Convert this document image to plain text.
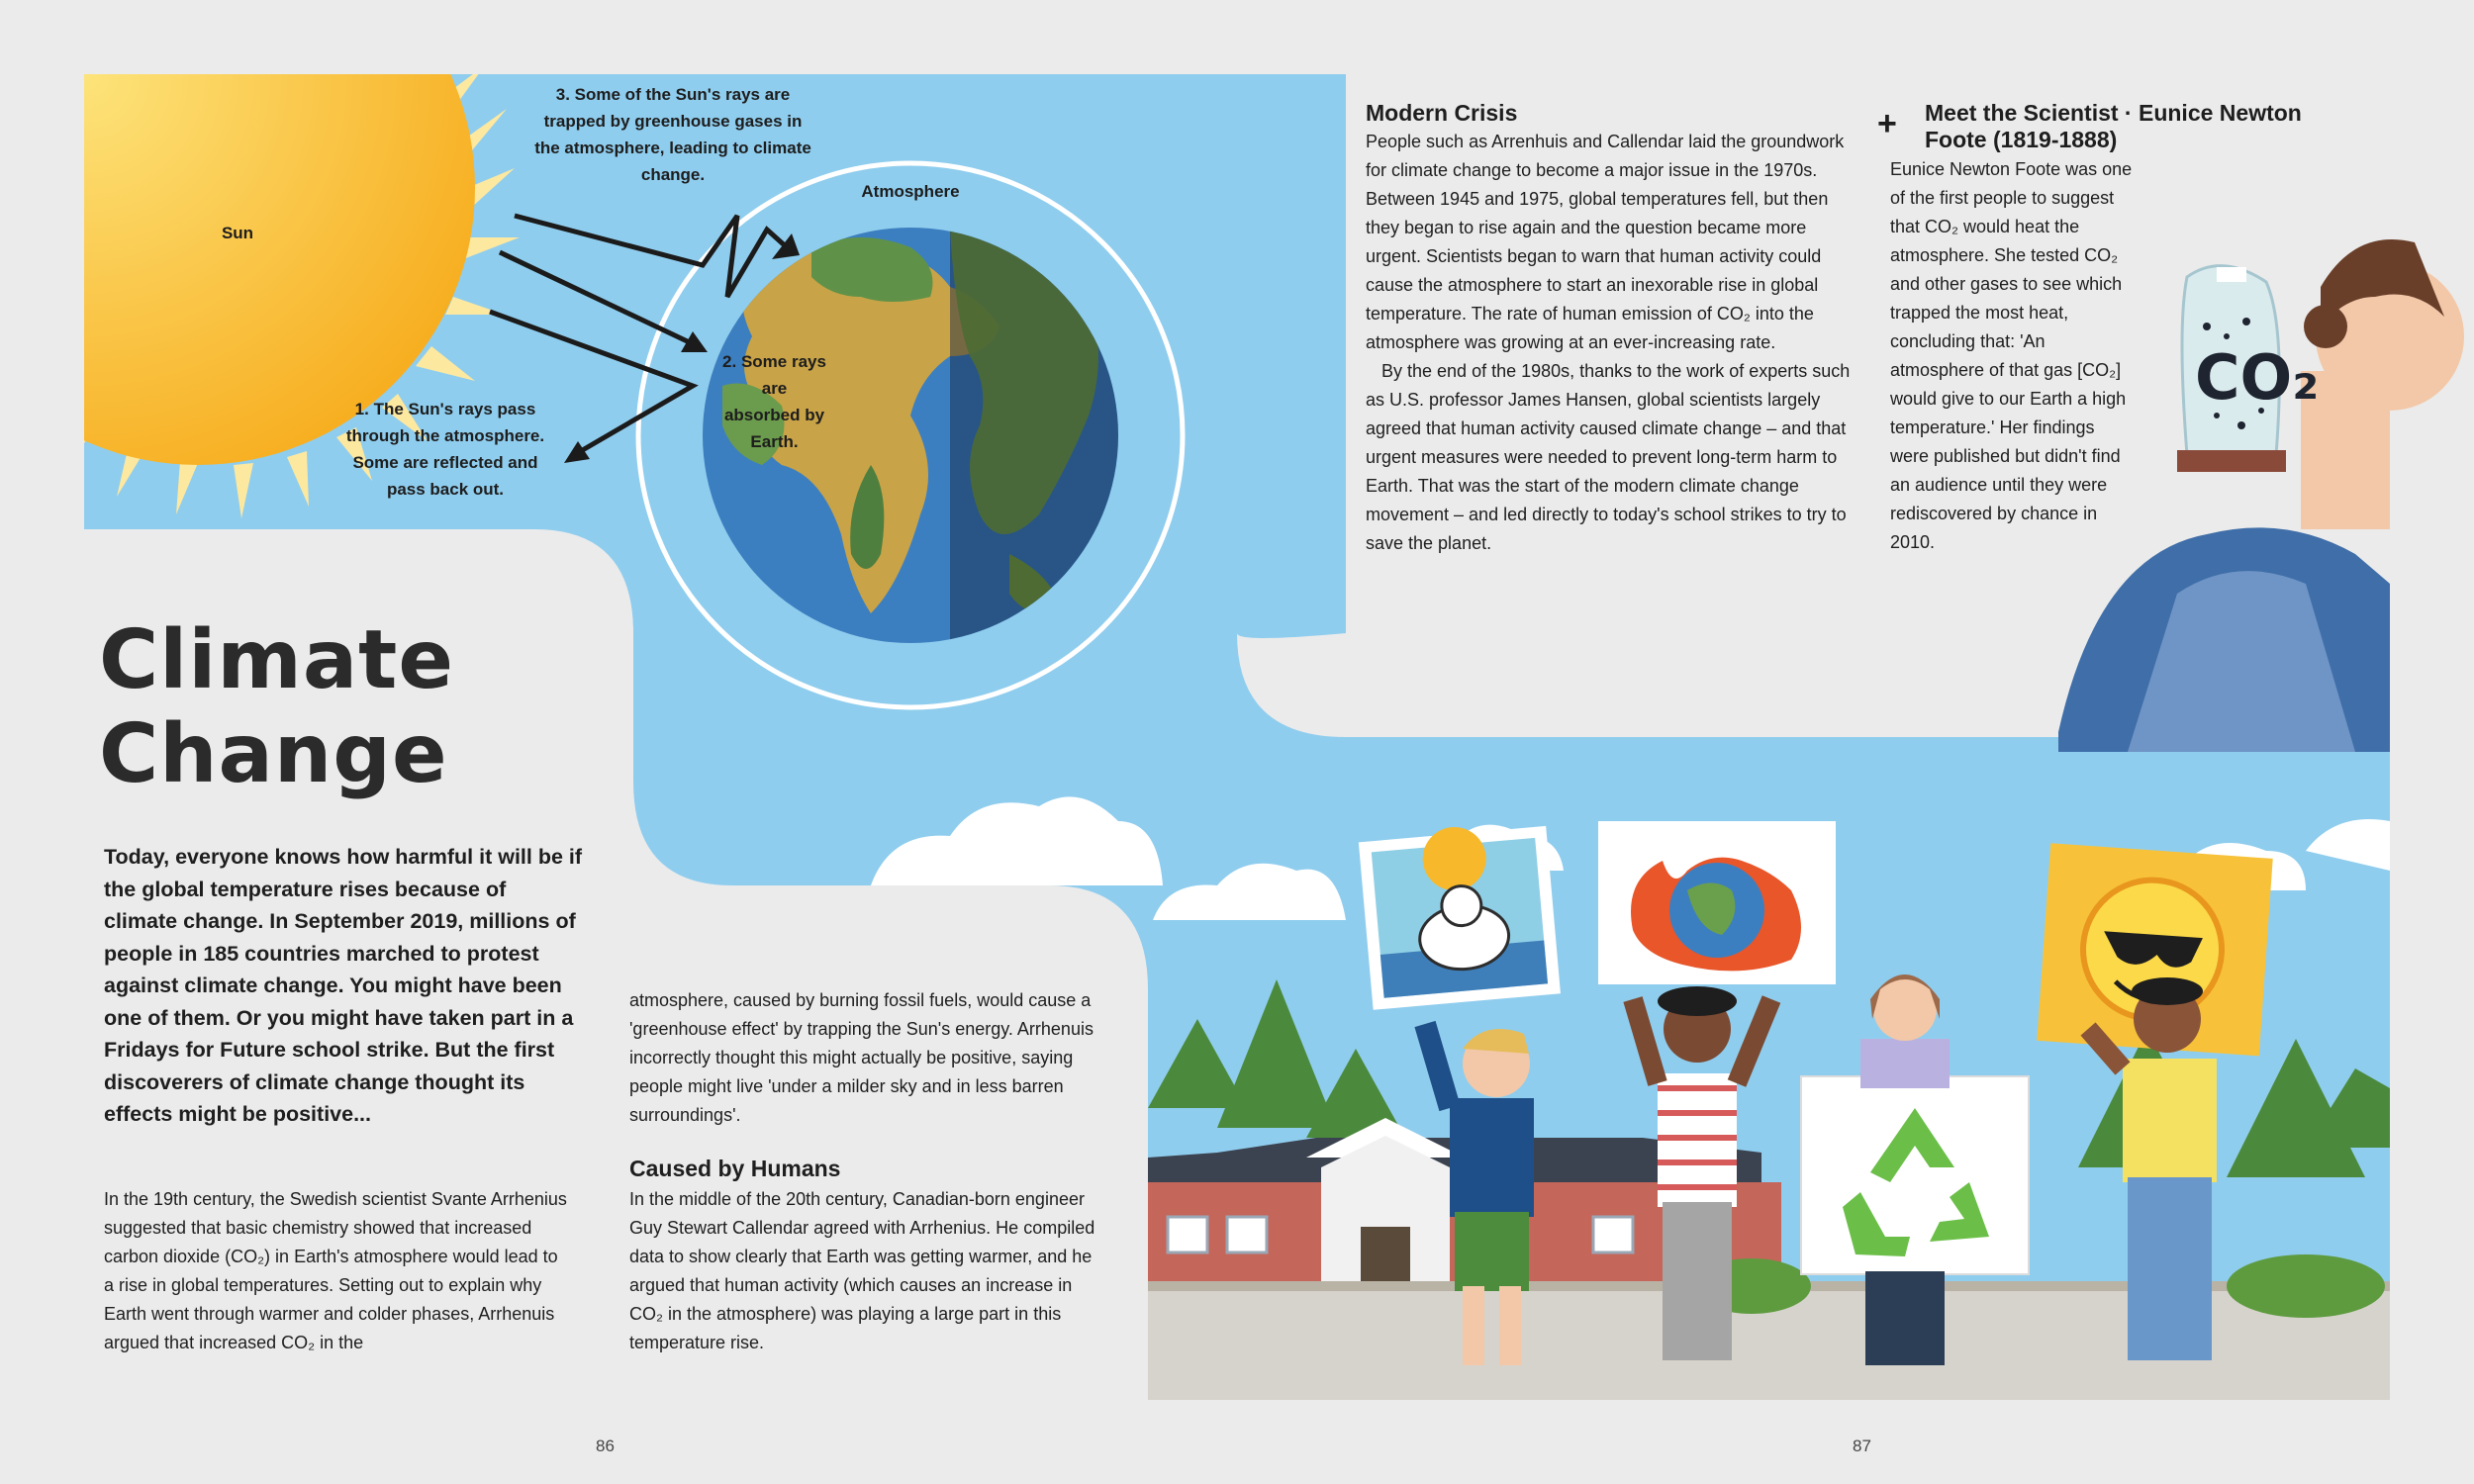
Sun
Atmosphere
3. Some of the Sun's rays are trapped by greenhouse gases in the atmosphere, leading to climate change.
2. Some rays are absorbed by Earth.
1. The Sun's rays pass through the atmosphere. Some are reflected and pass back out.
Climate
Change
Today, everyone knows how harmful it will be if the global temperature rises because of climate change. In September 2019, millions of people in 185 countries marched to protest against climate change. You might have been one of them. Or you might have taken part in a Fridays for Future school strike. But the first discoverers of climate change thought its effects might be positive...
In the 19th century, the Swedish scientist Svante Arrhenius suggested that basic chemistry showed that increased carbon dioxide (CO₂) in Earth's atmosphere would lead to a rise in global temperatures. Setting out to explain why Earth went through warmer and colder phases, Arrhenuis argued that increased CO₂ in the
atmosphere, caused by burning fossil fuels, would cause a 'greenhouse effect' by trapping the Sun's energy. Arrhenuis incorrectly thought this might actually be positive, saying people might live 'under a milder sky and in less barren surroundings'.
Caused by Humans
In the middle of the 20th century, Canadian-born engineer Guy Stewart Callendar agreed with Arrhenius. He compiled data to show clearly that Earth was getting warmer, and he argued that human activity (which causes an increase in CO₂ in the atmosphere) was playing a large part in this temperature rise.
Modern Crisis

People such as Arrenhuis and Callendar laid the groundwork for climate change to become a major issue in the 1970s. Between 1945 and 1975, global temperatures fell, but then they began to rise again and the question became more urgent. Scientists began to warn that human activity could cause the atmosphere to start an inexorable rise in global temperature. The rate of human emission of CO₂ into the atmosphere was growing at an ever-increasing rate.

By the end of the 1980s, thanks to the work of experts such as U.S. professor James Hansen, global scientists largely agreed that human activity caused climate change – and that urgent measures were needed to prevent long-term harm to Earth. That was the start of the modern climate change movement – and led directly to today's school strikes to try to save the planet.

+ Meet the Scientist · Eunice Newton Foote (1819-1888)
Eunice Newton Foote was one of the first people to suggest that CO₂ would heat the atmosphere. She tested CO₂ and other gases to see which trapped the most heat, concluding that: 'An atmosphere of that gas [CO₂] would give to our Earth a high temperature.' Her findings were published but didn't find an audience until they were rediscovered by chance in 2010.
CO₂
86	87
